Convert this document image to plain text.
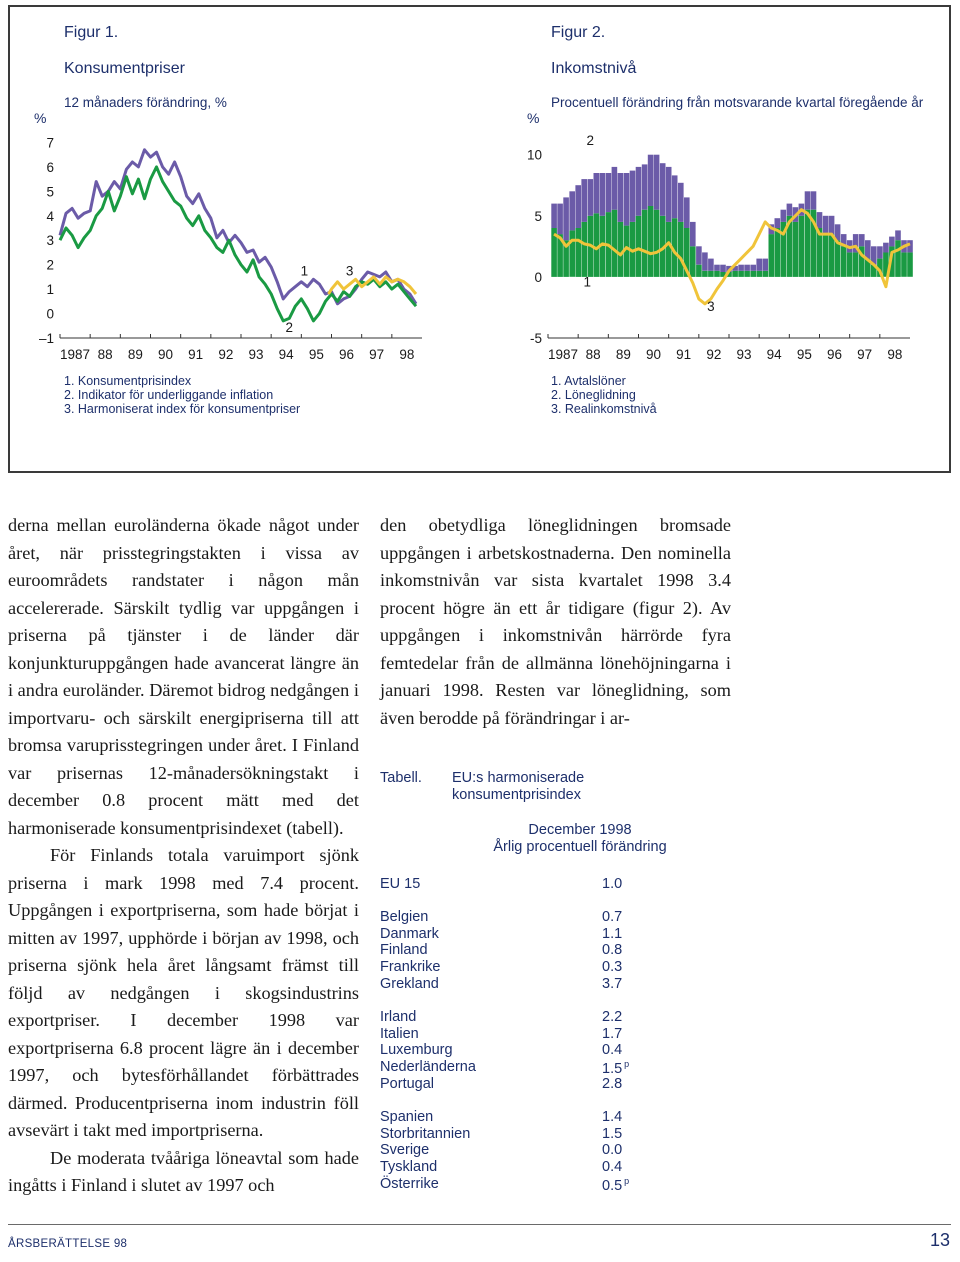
Figur 1.
Konsumentpriser
Figur 2.
Inkomstnivå
%
12 månaders förändring, %
7
6
5
4
3
2
1
0
–1
1987 88 89 90 91 92 93 94 95 96 97 98
1
2
3
%
Procentuell förändring från motsvarande kvartal föregående år
10
5
0
-5
1987 88 89 90 91 92 93 94 95 96 97 98
2
1
3
1. Konsumentprisindex
2. Indikator för underliggande inflation
3. Harmoniserat index för konsumentpriser
1. Avtalslöner
2. Löneglidning
3. Realinkomstnivå

derna mellan euroländerna ökade något under året, när prisstegringstakten i vissa av euroområdets randstater i någon mån accelererade. Särskilt tydlig var uppgången i priserna på tjänster i de länder där konjunkturuppgången hade avancerat längre än i andra euroländer. Däremot bidrog nedgången i importvaru- och särskilt energipriserna till att bromsa varuprisstegringen under året. I Finland var prisernas 12-månadersökningstakt i december 0.8 procent mätt med det harmoniserade konsumentprisindexet (tabell).

För Finlands totala varuimport sjönk priserna i mark 1998 med 7.4 procent. Uppgången i exportpriserna, som hade börjat i mitten av 1997, upphörde i början av 1998, och priserna sjönk hela året långsamt främst till följd av nedgången i skogsindustrins exportpriser. I december 1998 var exportpriserna 6.8 procent lägre än i december 1997, och bytesförhållandet förbättrades därmed. Producentpriserna inom industrin föll avsevärt i takt med importpriserna.

De moderata tvååriga löneavtal som hade ingåtts i Finland i slutet av 1997 och

den obetydliga löneglidningen bromsade uppgången i arbetskostnaderna. Den nominella inkomstnivån var sista kvartalet 1998 3.4 procent högre än ett år tidigare (figur 2). Av uppgången i inkomstnivån härrörde fyra femtedelar från de allmänna lönehöjningarna i januari 1998. Resten var löneglidning, som även berodde på förändringar i ar-

Tabell. EU:s harmoniserade
konsumentprisindex
December 1998
Årlig procentuell förändring
EU 15	1.0
Belgien	0.7
Danmark	1.1
Finland	0.8
Frankrike	0.3
Grekland	3.7
Irland	2.2
Italien	1.7
Luxemburg	0.4
Nederländerna	1.5 $^p$
Portugal	2.8
Spanien	1.4
Storbritannien	1.5
Sverige	0.0
Tyskland	0.4
Österrike	0.5 $^p$
ÅRSBERÄTTELSE 98	13
